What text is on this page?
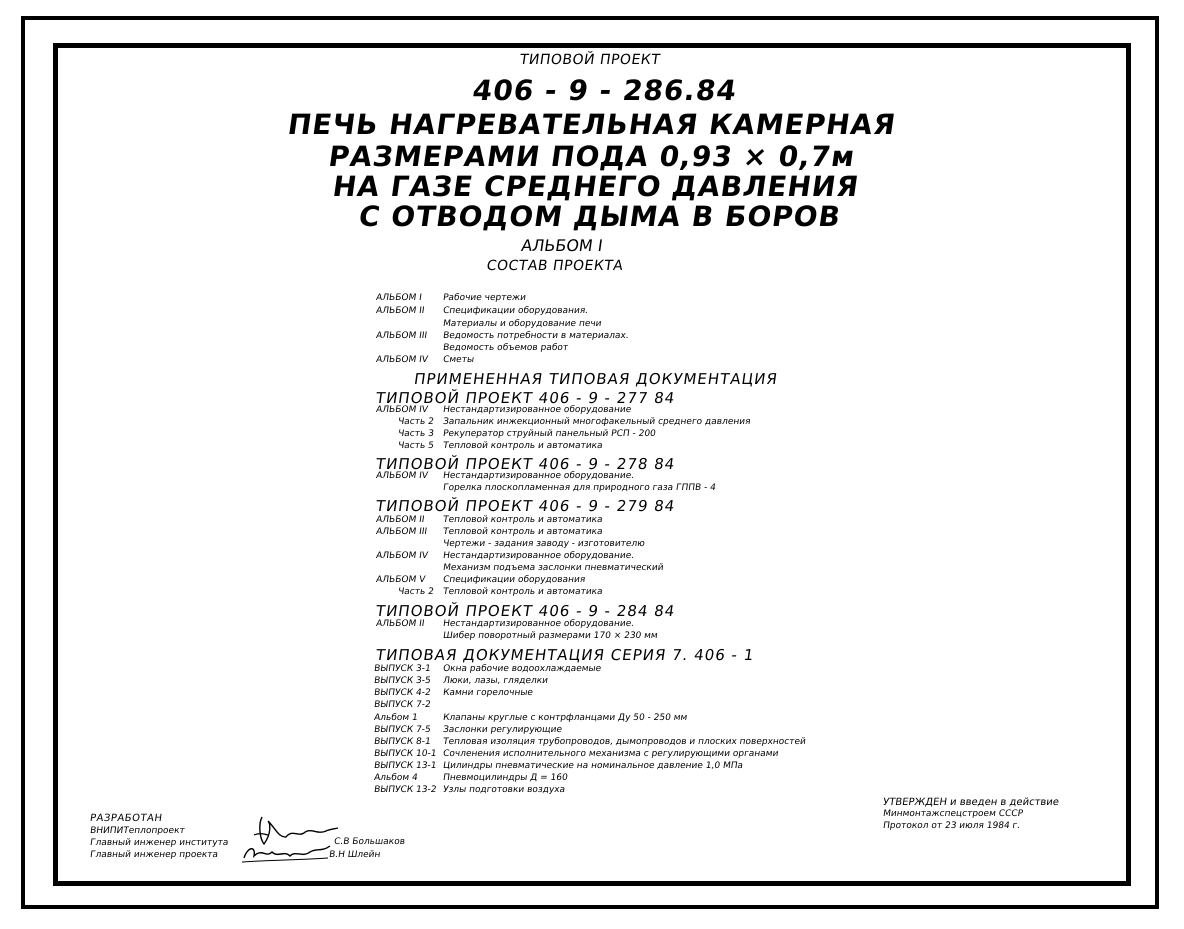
ТИПОВОЙ ПРОЕКТ
406 - 9 - 286.84
ПЕЧЬ НАГРЕВАТЕЛЬНАЯ КАМЕРНАЯ
РАЗМЕРАМИ ПОДА 0,93 × 0,7м
НА ГАЗЕ СРЕДНЕГО ДАВЛЕНИЯ
С ОТВОДОМ ДЫМА В БОРОВ
АЛЬБОМ I
СОСТАВ ПРОЕКТА
АЛЬБОМ I Рабочие чертежи
АЛЬБОМ II Спецификации оборудования.
Материалы и оборудование печи
АЛЬБОМ III Ведомость потребности в материалах.
Ведомость объемов работ
АЛЬБОМ IV Сметы
ПРИМЕНЕННАЯ ТИПОВАЯ ДОКУМЕНТАЦИЯ
ТИПОВОЙ ПРОЕКТ 406 - 9 - 277 84
АЛЬБОМ IV Нестандартизированное оборудование
Часть 2 Запальник инжекционный многофакельный среднего давления
Часть 3 Рекуператор струйный панельный РСП - 200
Часть 5 Тепловой контроль и автоматика
ТИПОВОЙ ПРОЕКТ 406 - 9 - 278 84
АЛЬБОМ IV Нестандартизированное оборудование.
Горелка плоскопламенная для природного газа ГППВ - 4
ТИПОВОЙ ПРОЕКТ 406 - 9 - 279 84
АЛЬБОМ II Тепловой контроль и автоматика
АЛЬБОМ III Тепловой контроль и автоматика
Чертежи - задания заводу - изготовителю
АЛЬБОМ IV Нестандартизированное оборудование.
Механизм подъема заслонки пневматический
АЛЬБОМ V Спецификации оборудования
Часть 2 Тепловой контроль и автоматика
ТИПОВОЙ ПРОЕКТ 406 - 9 - 284 84
АЛЬБОМ II Нестандартизированное оборудование.
Шибер поворотный размерами 170 × 230 мм
ТИПОВАЯ ДОКУМЕНТАЦИЯ СЕРИЯ 7. 406 - 1
ВЫПУСК 3-1 Окна рабочие водоохлаждаемые
ВЫПУСК 3-5 Люки, лазы, гляделки
ВЫПУСК 4-2 Камни горелочные
ВЫПУСК 7-2
Альбом 1	Клапаны круглые с контрфланцами Ду 50 - 250 мм
ВЫПУСК 7-5 Заслонки регулирующие
ВЫПУСК 8-1 Тепловая изоляция трубопроводов, дымопроводов и плоских поверхностей
ВЫПУСК 10-1 Сочленения исполнительного механизма с регулирующими органами
ВЫПУСК 13-1 Цилиндры пневматические на номинальное давление 1,0 МПа
Альбом 4	Пневмоцилиндры Д = 160
ВЫПУСК 13-2 Узлы подготовки воздуха
РАЗРАБОТАН
ВНИПИТеплопроект
Главный инженер института
Главный инженер проекта
С.В Большаков
В.Н Шлейн
УТВЕРЖДЕН и введен в действие
Минмонтажспецстроем СССР
Протокол от 23 июля 1984 г.
